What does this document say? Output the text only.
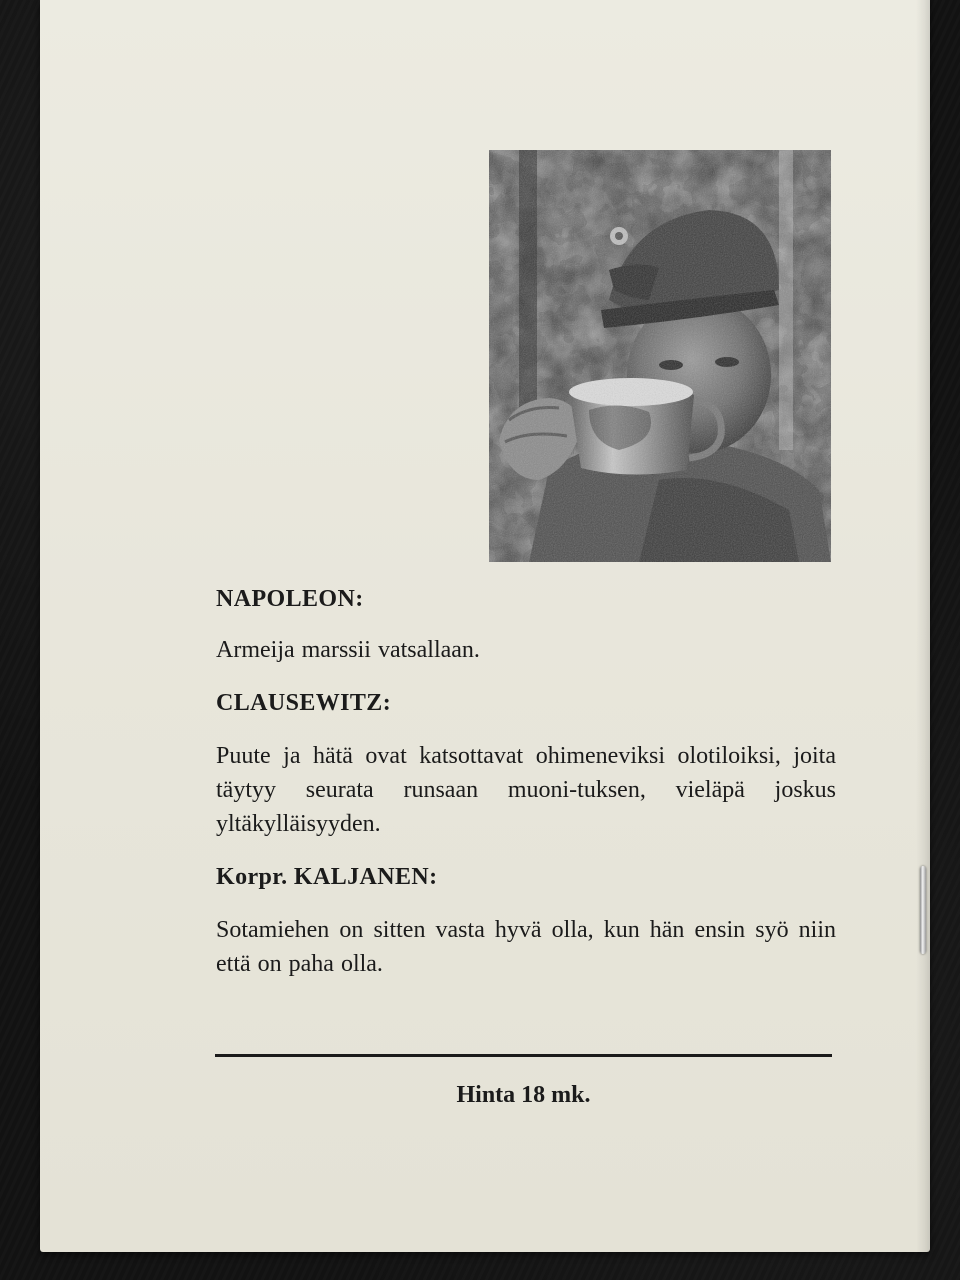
NAPOLEON:

Armeija marssii vatsallaan.

CLAUSEWITZ:

Puute ja hätä ovat katsottavat ohimeneviksi olotiloiksi, joita täytyy seurata runsaan muoni-tuksen, vieläpä joskus yltäkylläisyyden.

Korpr. KALJANEN:

Sotamiehen on sitten vasta hyvä olla, kun hän ensin syö niin että on paha olla.

Hinta 18 mk.
